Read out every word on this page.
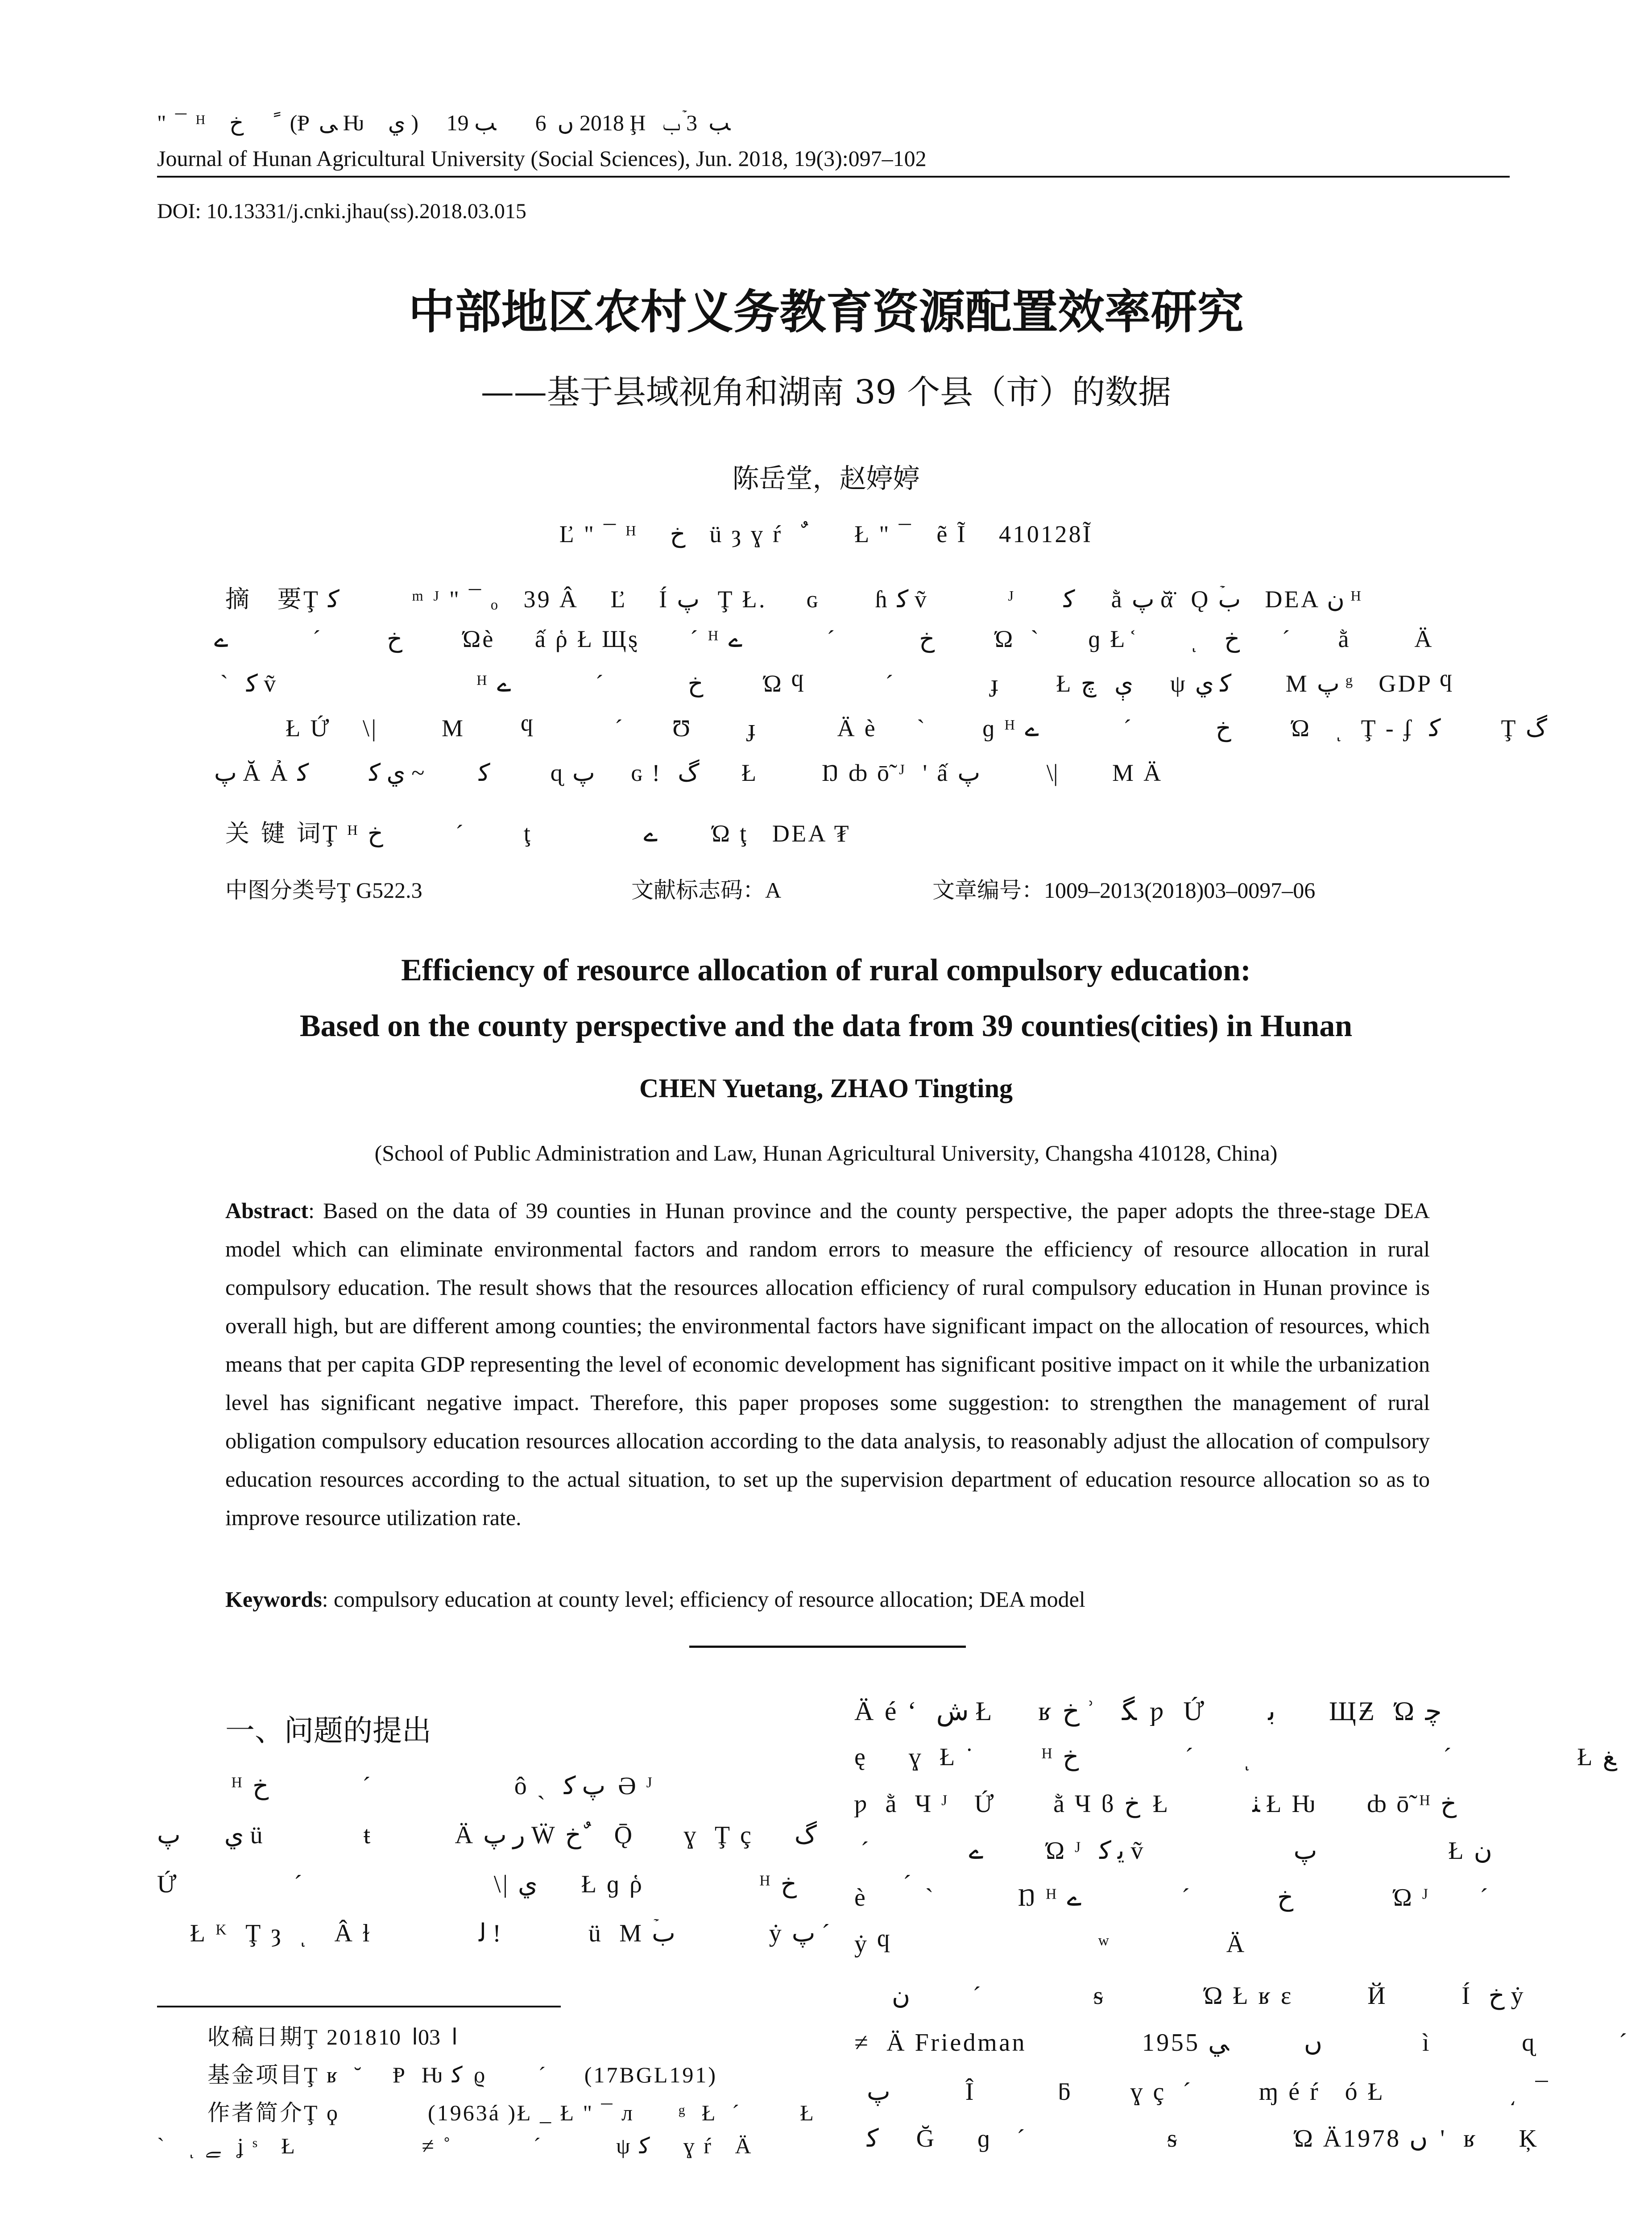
" ¯ ᴴ   ﺥ      ً  (Ᵽ ﯽ Ƕ   ي )     2018 ں  6       ﺐ 19 Ḩ  ﺐ  3 ۡﺏ
Journal of Hunan Agricultural University (Social Sciences), Jun. 2018, 19(3):097–102
DOI: 10.13331/j.cnki.jhau(ss).2018.03.015
中部地区农村义务教育资源配置效率研究
——基于县域视角和湖南 39 个县（市）的数据
陈岳堂，赵婷婷
Ľ " ¯ ᴴ    ﺥ    ü ȝ ɣ ŕ   ٌ        Ł " ¯   ẽ Ĩ    410128Ĩ
摘　要Ţ ﻛ            ᵐ ᴶ " ¯ ₒ   39 Â    Ľ    Í ﭖ   Ţ Ł.     ɢ       ɦ ﻛ ṽ          ᴶ      ﻛ      ằ ﭖ ᾰ̈  Ǫ ۡﺏ    DEA ن ᴴ
ﺥ           ´              ے          Ώè     ấ ῥ Ł Щȿ  ⃞  ´ ᴴ ﺥ              ´              ے          Ώ  `      ɡ Ł ᷾       ͺ   ﺥ       ´        ằ        Ä
`   ﻛ ṽ                         ᴴ ﺥ              ´              ے          Ώ ϥ          ´            ɟ       Ł ې   ﭺ  ⃞ ψ ﻛ ي         Μ ﭖ ᵍ   GDP ϥ
Ł Ứ    \|        Μ       ϥ          ´      Ʊ       ɟ          Ä è     `       ɡ ᴴ ﺥ              ´              ے          Ώ   ͺ  Ţ - ʄ  ﻛ          Ţ ﮒ
ﭖ Ă Ả ﻛ         ~ ي ﻛ          ﻛ          ɋ ﭖ      ɢ !  ﮒ       Ł        Ŋ ȸ ō̃ ᴶ  ' ấ ﭖ           \|         Μ Ä
关 键 词Ţ ᴴ ﺥ            ´          ţ              ے         Ώ ţ   DEA ₮
中图分类号Ţ G522.3	文献标志码：A	文章编号：1009–2013(2018)03–0097–06
Efficiency of resource allocation of rural compulsory education:
Based on the county perspective and the data from 39 counties(cities) in Hunan
CHEN Yuetang, ZHAO Tingting
(School of Public Administration and Law, Hunan Agricultural University, Changsha 410128, China)
Abstract: Based on the data of 39 counties in Hunan province and the county perspective, the paper adopts the three-stage DEA model which can eliminate environmental factors and random errors to measure the efficiency of resource allocation in rural compulsory education. The result shows that the resources allocation efficiency of rural compulsory education in Hunan province is overall high, but are different among counties; the environmental factors have significant impact on the allocation of resources, which means that per capita GDP representing the level of economic development has significant positive impact on it while the urbanization level has significant negative impact. Therefore, this paper proposes some suggestion: to strengthen the management of rural obligation compulsory education resources allocation according to the data analysis, to reasonably adjust the allocation of compulsory education resources according to the actual situation, to set up the supervision department of education resource allocation so as to improve resource utilization rate.
Keywords: compulsory education at county level; efficiency of resource allocation; DEA model
一、问题的提出
ᴴ ﺥ               ´                       ô ˎ  ﭖ ﻛ  Ə ᴶ   ⃞
ي       ﭖ ü            ŧ          Ä ﺭ ﭖ Ẅ ﺥ ٌ    Ǭ      ɣ  Ţ ç     ﮒ
Ứ              ´                       \| ي       Ł ɡ ῥ              ᴴ ﺥ                 ´
Ł ᴷ  Ţ ȝ  ͺ   Â ɫ             ﻟ !              ü  Μ ۡﺏ               ẏ ﭖ ´
收稿日期Ţ 2018ﺍ  03ﺍ  10
基金项目Ţ ʁ  ˘    Ᵽ  Ƕ ﻛ  ϱ       ´     (17BGL191)
作者简介Ţ ϙ            (1963á )Ł _ Ł " ¯ л      ᵍ  Ł  ´        Ł
`   ͺ ﮯ   ʝ ˢ   Ł                 ≠ ˚           ´          ψ ﻛ      ɣ ŕ   Ä
Ä é ʻ  ﺵ Ł     ʁ ﺥ ʾ    ﮕ  ƿ  Ứ       ﺑ        ЩƵ  Ώ ﭼ
ę     ɣ  Ł ˙        ᴴ ﺥ                 ´        ͺ                       ´               Ł ﻎ
ƿ  ằ  Ч ᴶ   Ứ       ằ Ч ϐ ﺥ  Ł          ﭡ Ł Ƕ      ȸ ō̃ ᴴ ﺥ
´                ے          Ώ ᴶ  ﻳ ﻛ ṽ                  ﭖ                     Ł ن
è       `          Ŋ ᴴ ﺥ              ´                ے                Ώ ᴶ      ´
ẏ ϥ                         ʷ              Ä
ن          ´                  ᵴ            Ώ Ł ʁ ε         Й         Í  ﺥ ẏ
≠  Ä Friedman              1955 ں            ﻲ                ì           ɋ          ´
ﭖ            Î          ƃ       ɣ ç  ´        ɱ é ŕ   ó Ł               ͵  ¯
ﻛ      Ğ     ɡ   ´                 ᵴ              Ώ Ä1978 ں  '   ʁ     Ķ
